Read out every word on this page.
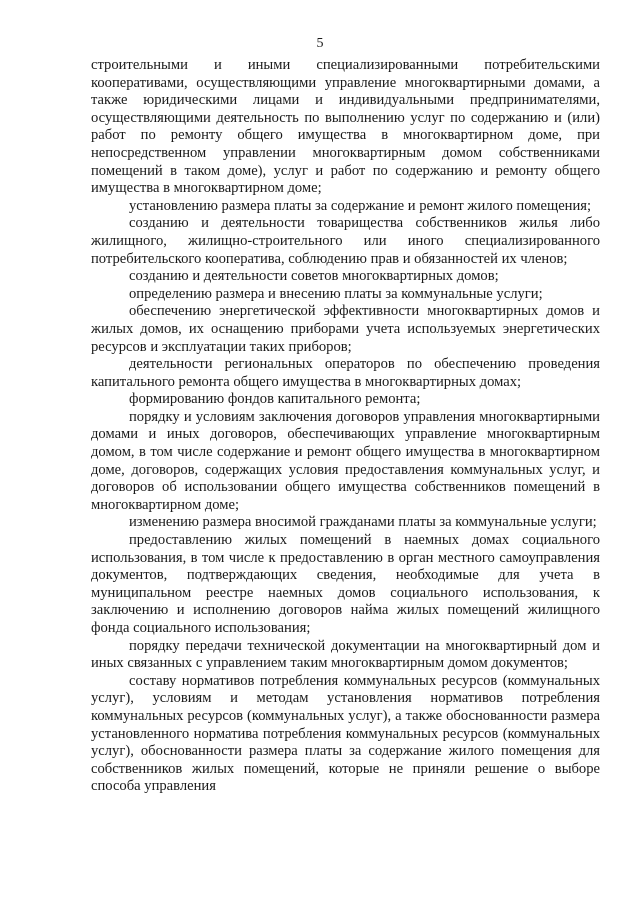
5

строительными и иными специализированными потребительскими кооперативами, осуществляющими управление многоквартирными домами, а также юридическими лицами и индивидуальными предпринимателями, осуществляющими деятельность по выполнению услуг по содержанию и (или) работ по ремонту общего имущества в многоквартирном доме, при непосредственном управлении многоквартирным домом собственниками помещений в таком доме), услуг и работ по содержанию и ремонту общего имущества в многоквартирном доме;

установлению размера платы за содержание и ремонт жилого помещения;

созданию и деятельности товарищества собственников жилья либо жилищного, жилищно-строительного или иного специализированного потребительского кооператива, соблюдению прав и обязанностей их членов;

созданию и деятельности советов многоквартирных домов;

определению размера и внесению платы за коммунальные услуги;

обеспечению энергетической эффективности многоквартирных домов и жилых домов, их оснащению приборами учета используемых энергетических ресурсов и эксплуатации таких приборов;

деятельности региональных операторов по обеспечению проведения капитального ремонта общего имущества в многоквартирных домах;

формированию фондов капитального ремонта;

порядку и условиям заключения договоров управления многоквартирными домами и иных договоров, обеспечивающих управление многоквартирным домом, в том числе содержание и ремонт общего имущества в многоквартирном доме, договоров, содержащих условия предоставления коммунальных услуг, и договоров об использовании общего имущества собственников помещений в многоквартирном доме;

изменению размера вносимой гражданами платы за коммунальные услуги;

предоставлению жилых помещений в наемных домах социального использования, в том числе к предоставлению в орган местного самоуправления документов, подтверждающих сведения, необходимые для учета в муниципальном реестре наемных домов социального использования, к заключению и исполнению договоров найма жилых помещений жилищного фонда социального использования;

порядку передачи технической документации на многоквартирный дом и иных связанных с управлением таким многоквартирным домом документов;

составу нормативов потребления коммунальных ресурсов (коммунальных услуг), условиям и методам установления нормативов потребления коммунальных ресурсов (коммунальных услуг), а также обоснованности размера установленного норматива потребления коммунальных ресурсов (коммунальных услуг), обоснованности размера платы за содержание жилого помещения для собственников жилых помещений, которые не приняли решение о выборе способа управления
